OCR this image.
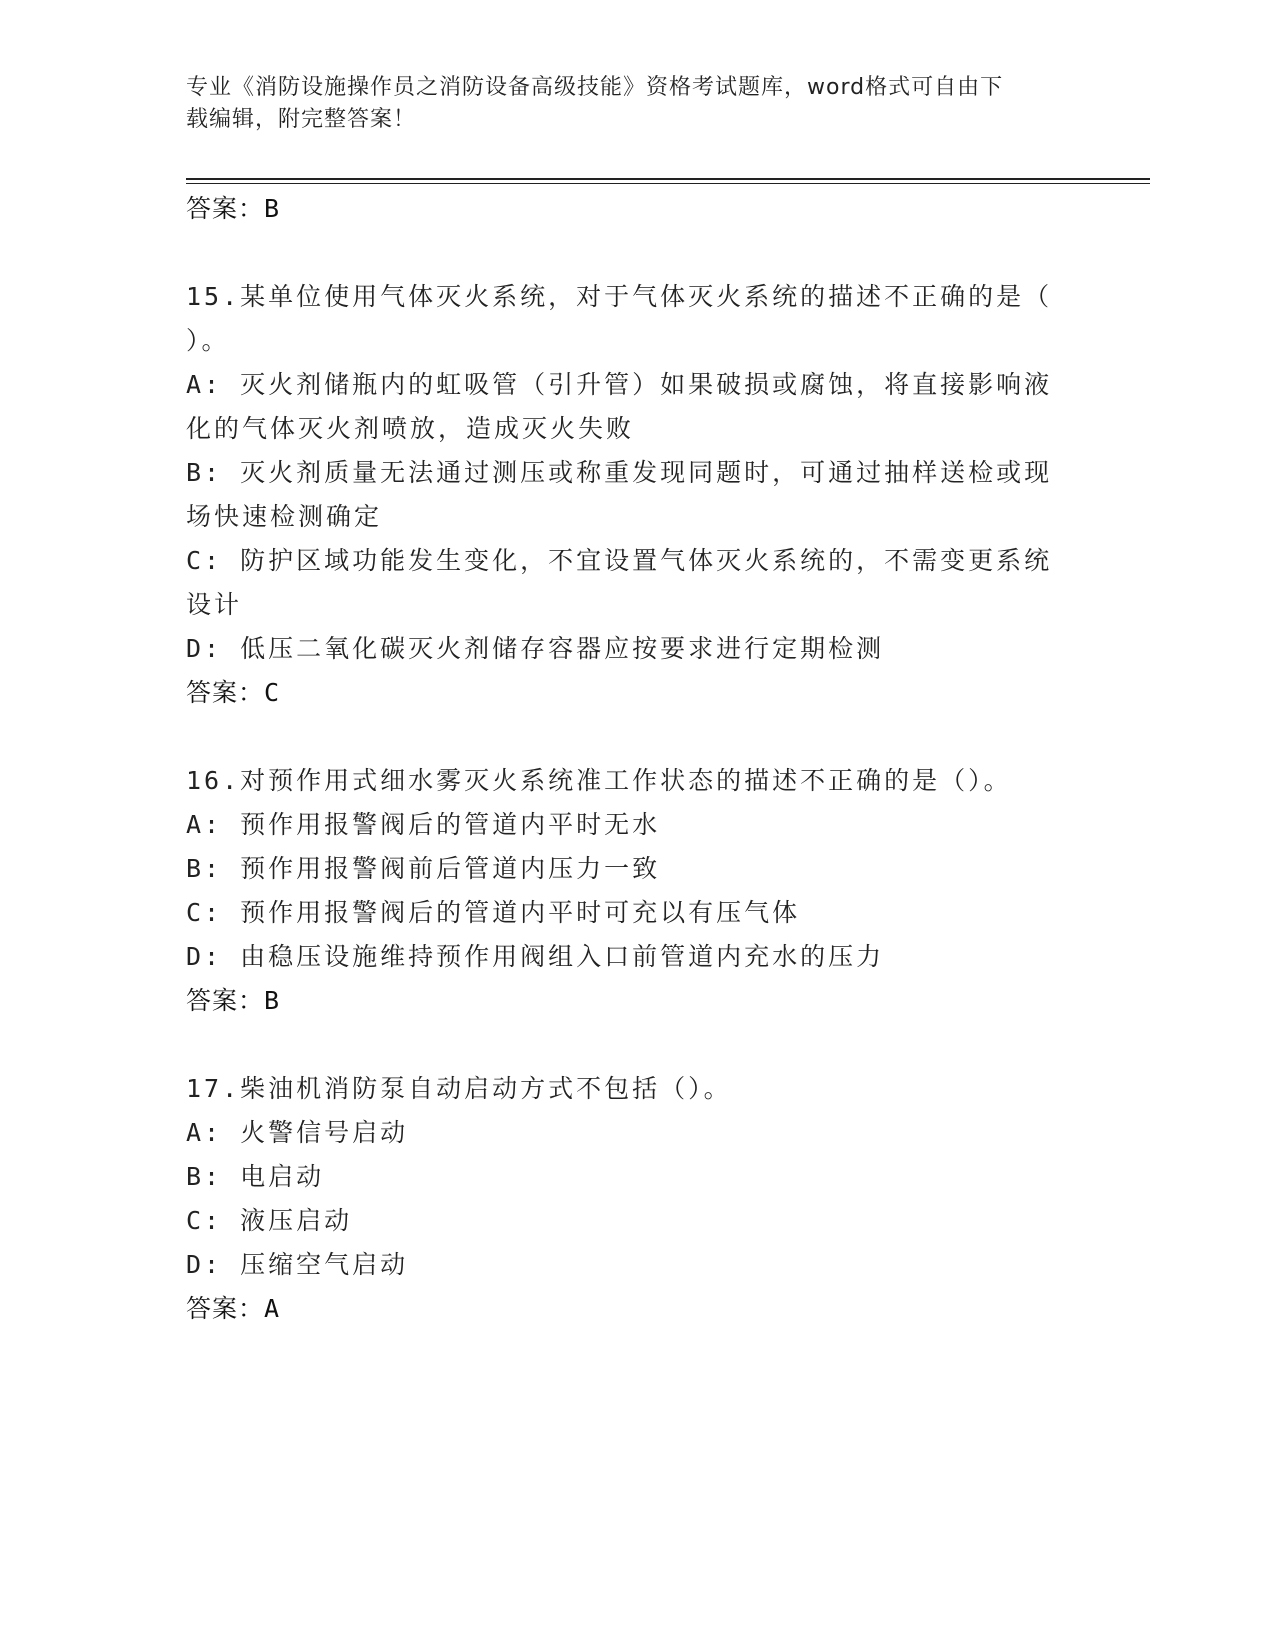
专业《消防设施操作员之消防设备高级技能》资格考试题库，word格式可自由下
载编辑，附完整答案！
答案：B
15.某单位使用气体灭火系统，对于气体灭火系统的描述不正确的是（
）。
A: 灭火剂储瓶内的虹吸管（引升管）如果破损或腐蚀，将直接影响液
化的气体灭火剂喷放，造成灭火失败
B: 灭火剂质量无法通过测压或称重发现同题时，可通过抽样送检或现
场快速检测确定
C: 防护区域功能发生变化，不宜设置气体灭火系统的，不需变更系统
设计
D: 低压二氧化碳灭火剂储存容器应按要求进行定期检测
答案：C
16.对预作用式细水雾灭火系统准工作状态的描述不正确的是（）。
A: 预作用报警阀后的管道内平时无水
B: 预作用报警阀前后管道内压力一致
C: 预作用报警阀后的管道内平时可充以有压气体
D: 由稳压设施维持预作用阀组入口前管道内充水的压力
答案：B
17.柴油机消防泵自动启动方式不包括（）。
A: 火警信号启动
B: 电启动
C: 液压启动
D: 压缩空气启动
答案：A
